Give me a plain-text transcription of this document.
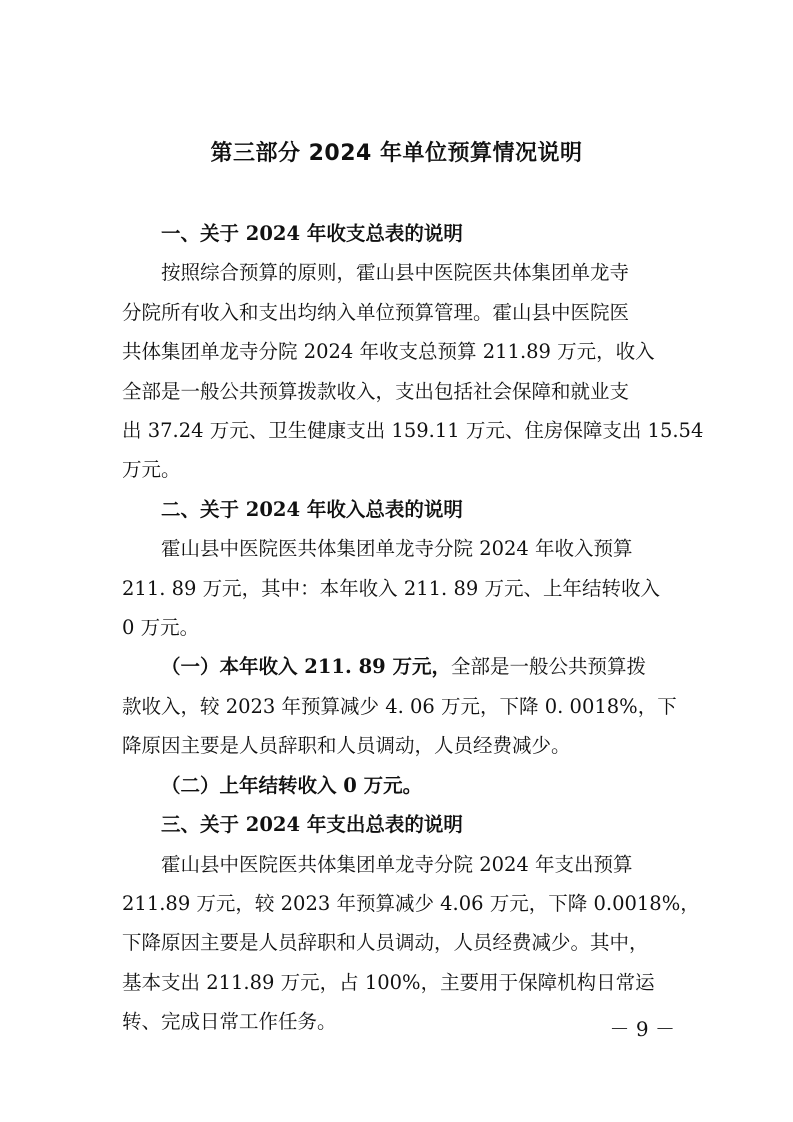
第三部分 2024 年单位预算情况说明
一、关于 2024 年收支总表的说明
按照综合预算的原则，霍山县中医院医共体集团单龙寺
分院所有收入和支出均纳入单位预算管理。霍山县中医院医
共体集团单龙寺分院 2024 年收支总预算 211.89 万元，收入
全部是一般公共预算拨款收入，支出包括社会保障和就业支
出 37.24 万元、卫生健康支出 159.11 万元、住房保障支出 15.54
万元。
二、关于 2024 年收入总表的说明
霍山县中医院医共体集团单龙寺分院 2024 年收入预算
211. 89 万元，其中：本年收入 211. 89 万元、上年结转收入
0 万元。
（一）本年收入 211. 89 万元，全部是一般公共预算拨
款收入，较 2023 年预算减少 4. 06 万元，下降 0. 0018%，下
降原因主要是人员辞职和人员调动，人员经费减少。
（二）上年结转收入 0 万元。
三、关于 2024 年支出总表的说明
霍山县中医院医共体集团单龙寺分院 2024 年支出预算
211.89 万元，较 2023 年预算减少 4.06 万元，下降 0.0018%，
下降原因主要是人员辞职和人员调动，人员经费减少。其中，
基本支出 211.89 万元，占 100%，主要用于保障机构日常运
转、完成日常工作任务。	－ 9 －
